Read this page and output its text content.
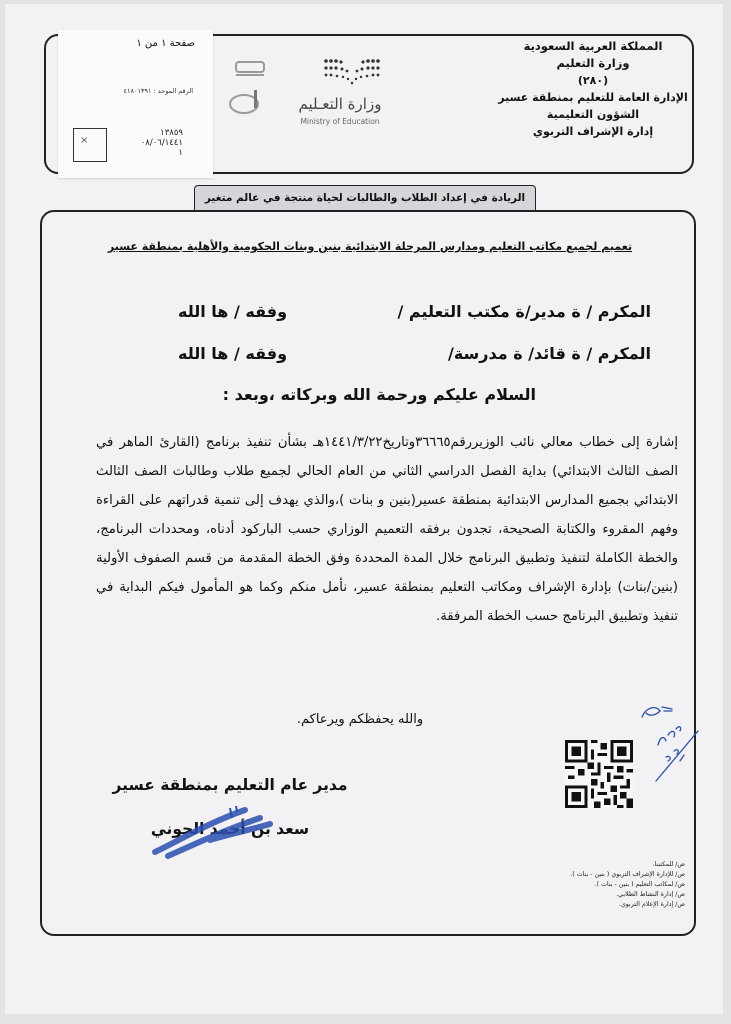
المملكة العربية السعودية
وزارة التعليم
(٢٨٠)
الإدارة العامة للتعليم بمنطقة عسير
الشؤون التعليمية
إدارة الإشراف التربوي
وزارة التعـليم
Ministry of Education
صفحة ١ من ١
الرقم الموحد : ٤١٨٠١٣٩١
١٣٨٥٩
٠٨/٠٦/١٤٤١
١
×
الريادة في إعداد الطلاب والطالبات لحياة منتجة في عالم متغير
تعميم لجميع مكاتب التعليم ومدارس المرحلة الابتدائية بنين وبنات الحكومية والأهلية بمنطقة عسير
المكرم / ة مدير/ة مكتب التعليم /
وفقه / ها الله
المكرم / ة قائد/ ة مدرسة/
وفقه / ها الله
السلام عليكم ورحمة الله وبركاته ،وبعد :

إشارة إلى خطاب معالي نائب الوزيررقم٣٦٦٦٥وتاريخ١٤٤١/٣/٢٢هـ بشأن تنفيذ برنامج (القارئ الماهر في الصف الثالث الابتدائي) بداية الفصل الدراسي الثاني من العام الحالي لجميع طلاب وطالبات الصف الثالث الابتدائي بجميع المدارس الابتدائية بمنطقة عسير(بنين و بنات )،والذي يهدف إلى تنمية قدراتهم على القراءة وفهم المقروء والكتابة الصحيحة، تجدون برفقه التعميم الوزاري حسب الباركود أدناه، ومحددات البرنامج، والخطة الكاملة لتنفيذ وتطبيق البرنامج خلال المدة المحددة وفق الخطة المقدمة من قسم الصفوف الأولية (بنين/بنات) بإدارة الإشراف ومكاتب التعليم بمنطقة عسير، نأمل منكم وكما هو المأمول فيكم البداية في تنفيذ وتطبيق البرنامج حسب الخطة المرفقة.

والله يحفظكم ويرعاكم.
مدير عام التعليم بمنطقة عسير
سعد بن أحمد الجوني
ص/ للمكتبنا.
ص/ للإدارة الإشراف التربوي ( بنين - بنات ).
ص/ لمكاتب التعليم ( بنين - بنات ).
ص/ إدارة النشاط الطلابي.
ص/ إدارة الإعلام التربوي.
